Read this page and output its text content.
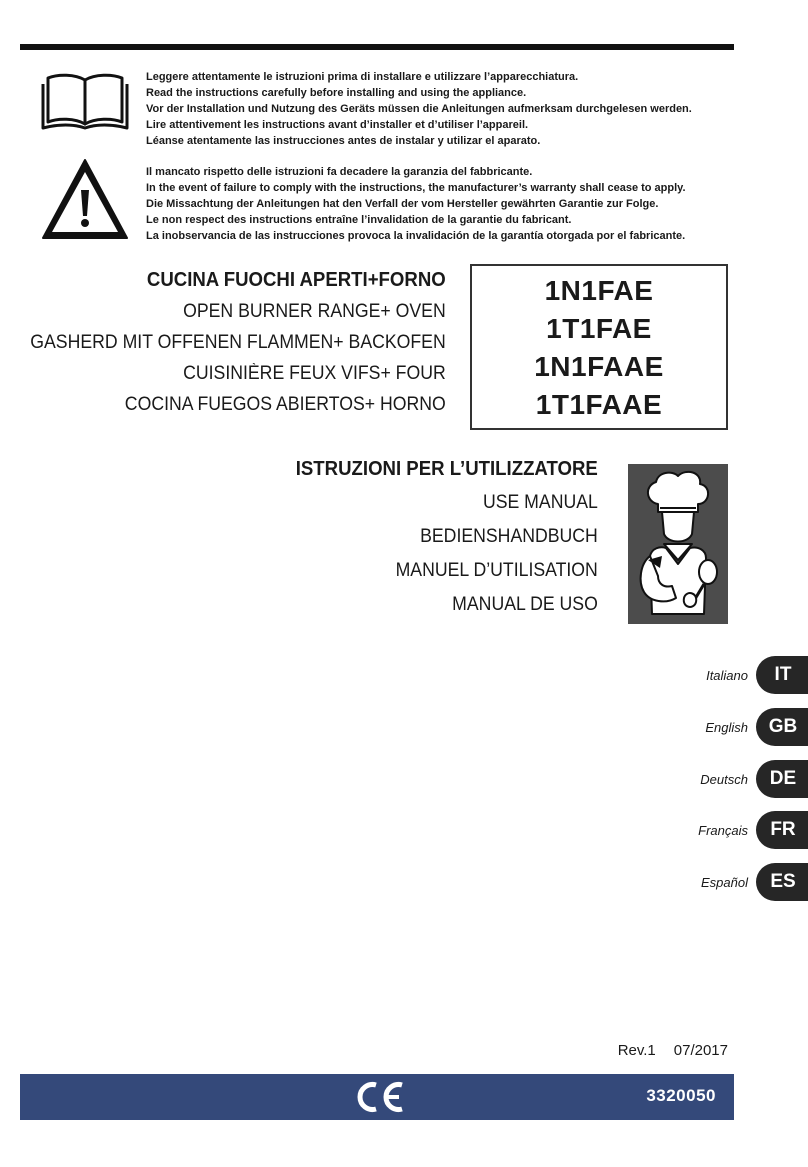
Leggere attentamente le istruzioni prima di installare e utilizzare l’apparecchiatura.
Read the instructions carefully before installing and using the appliance.
Vor der Installation und Nutzung des Geräts müssen die Anleitungen aufmerksam durchgelesen werden.
Lire attentivement les instructions avant d’installer et d’utiliser l’appareil.
Léanse atentamente las instrucciones antes de instalar y utilizar el aparato.
Il mancato rispetto delle istruzioni fa decadere la garanzia del fabbricante.
In the event of failure to comply with the instructions, the manufacturer’s warranty shall cease to apply.
Die Missachtung der Anleitungen hat den Verfall der vom Hersteller gewährten Garantie zur Folge.
Le non respect des instructions entraîne l’invalidation de la garantie du fabricant.
La inobservancia de las instrucciones provoca la invalidación de la garantía otorgada por el fabricante.
CUCINA FUOCHI APERTI+FORNO
OPEN BURNER RANGE+ OVEN
GASHERD MIT OFFENEN FLAMMEN+ BACKOFEN
CUISINIÈRE FEUX VIFS+ FOUR
COCINA FUEGOS ABIERTOS+ HORNO
1N1FAE
1T1FAE
1N1FAAE
1T1FAAE
ISTRUZIONI PER L’UTILIZZATORE
USE MANUAL
BEDIENSHANDBUCH
MANUEL D’UTILISATION
MANUAL DE USO
Italiano	IT
English	GB
Deutsch	DE
Français	FR
Español	ES
Rev.1 07/2017
3320050
